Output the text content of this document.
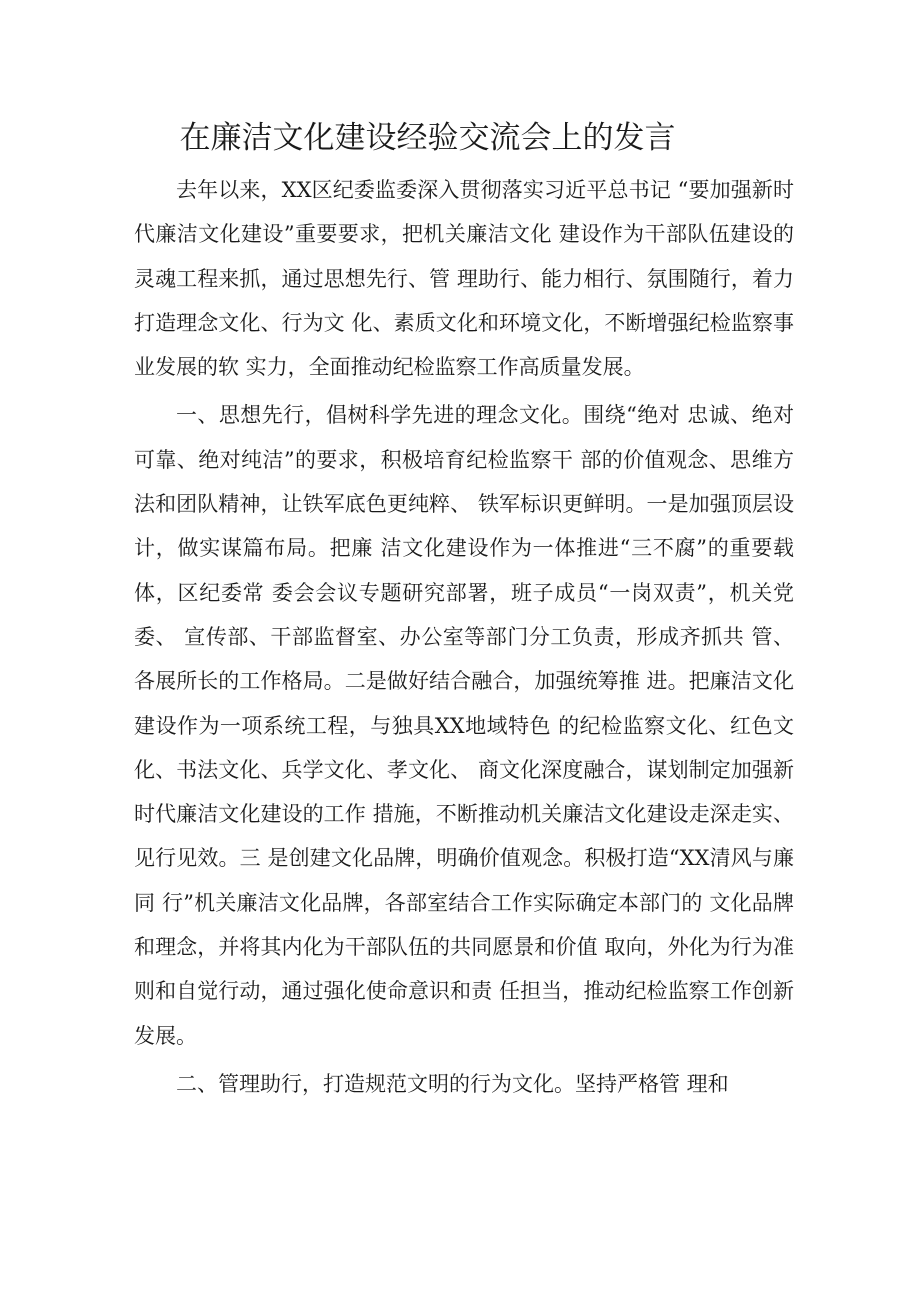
在廉洁文化建设经验交流会上的发言

去年以来，XX区纪委监委深入贯彻落实习近平总书记 “要加强新时代廉洁文化建设”重要要求，把机关廉洁文化 建设作为干部队伍建设的灵魂工程来抓，通过思想先行、管 理助行、能力相行、氛围随行，着力打造理念文化、行为文 化、素质文化和环境文化，不断增强纪检监察事业发展的软 实力，全面推动纪检监察工作高质量发展。

一、思想先行，倡树科学先进的理念文化。围绕“绝对 忠诚、绝对可靠、绝对纯洁”的要求，积极培育纪检监察干 部的价值观念、思维方法和团队精神，让铁军底色更纯粹、 铁军标识更鲜明。一是加强顶层设计，做实谋篇布局。把廉 洁文化建设作为一体推进“三不腐”的重要载体，区纪委常 委会会议专题研究部署，班子成员“一岗双责”，机关党委、 宣传部、干部监督室、办公室等部门分工负责，形成齐抓共 管、各展所长的工作格局。二是做好结合融合，加强统筹推 进。把廉洁文化建设作为一项系统工程，与独具XX地域特色 的纪检监察文化、红色文化、书法文化、兵学文化、孝文化、 商文化深度融合，谋划制定加强新时代廉洁文化建设的工作 措施，不断推动机关廉洁文化建设走深走实、见行见效。三 是创建文化品牌，明确价值观念。积极打造“XX清风与廉同 行”机关廉洁文化品牌，各部室结合工作实际确定本部门的 文化品牌和理念，并将其内化为干部队伍的共同愿景和价值 取向，外化为行为准则和自觉行动，通过强化使命意识和责 任担当，推动纪检监察工作创新发展。

二、管理助行，打造规范文明的行为文化。坚持严格管 理和
